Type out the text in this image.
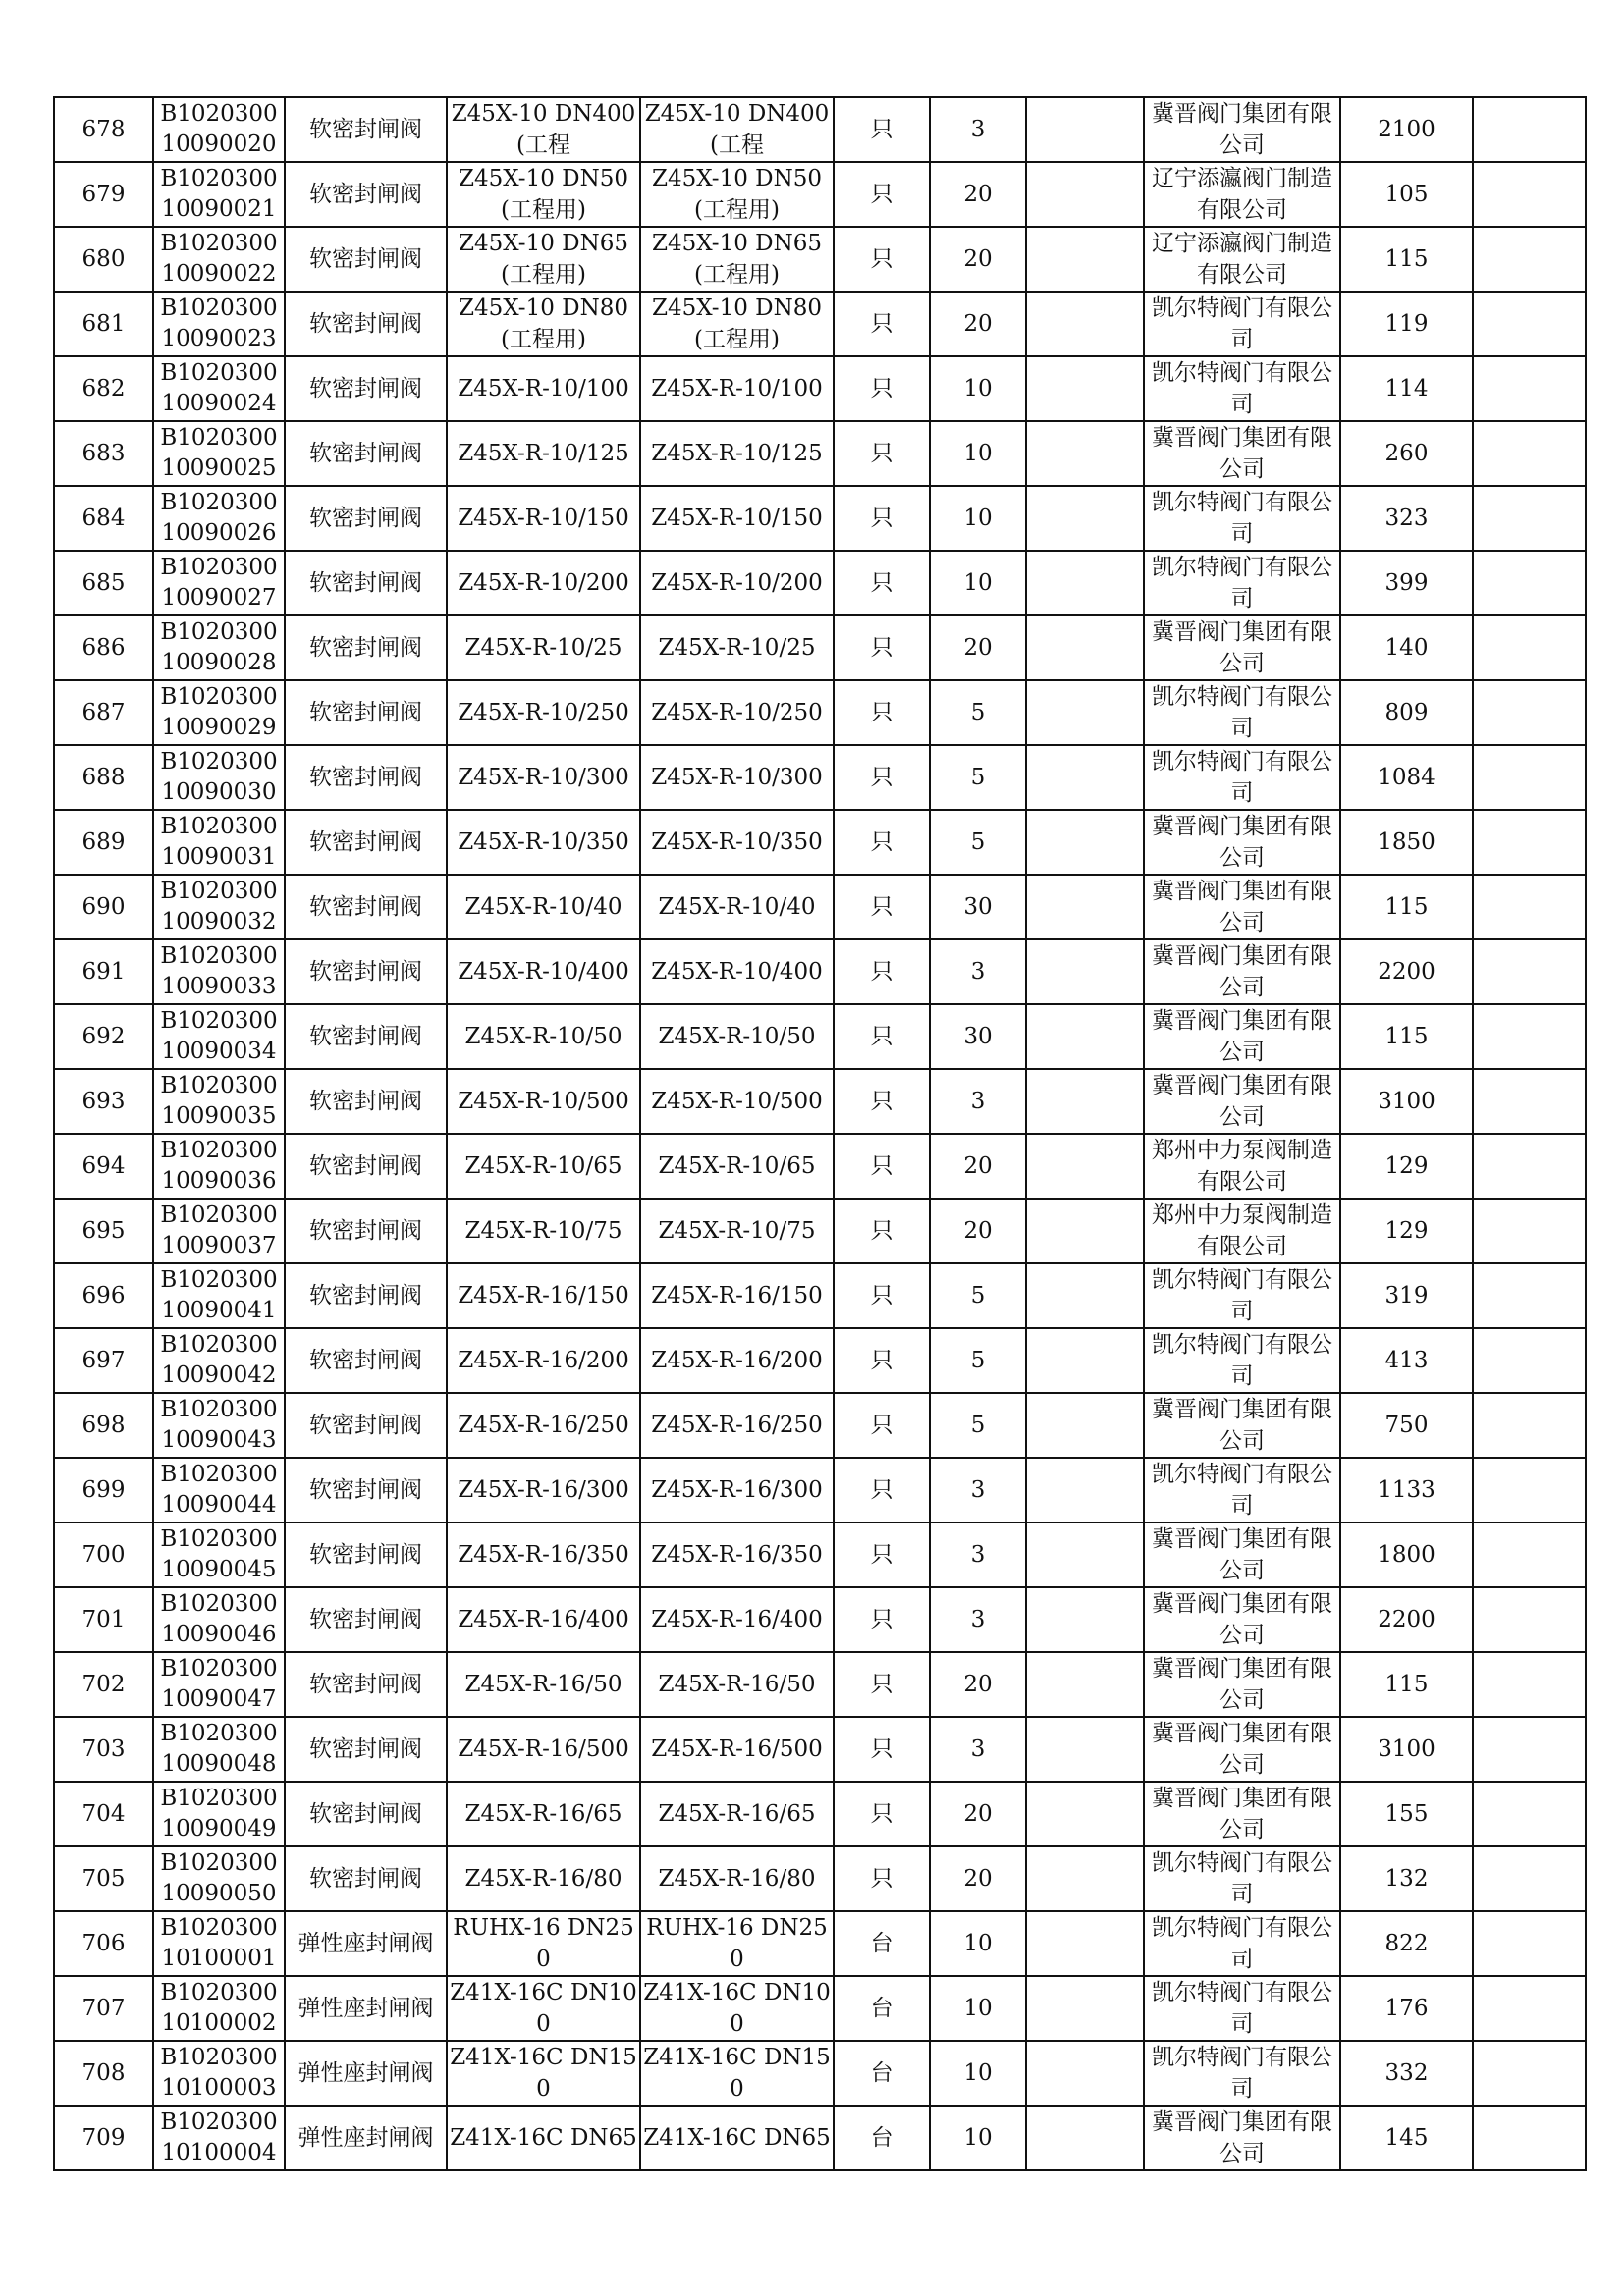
678	B1020300 10090020	软密封闸阀	Z45X-10 DN400(工程	Z45X-10 DN400(工程	只	3		冀晋阀门集团有限公司	2100	
679	B1020300 10090021	软密封闸阀	Z45X-10 DN50(工程用)	Z45X-10 DN50(工程用)	只	20		辽宁添瀛阀门制造有限公司	105	
680	B1020300 10090022	软密封闸阀	Z45X-10 DN65(工程用)	Z45X-10 DN65(工程用)	只	20		辽宁添瀛阀门制造有限公司	115	
681	B1020300 10090023	软密封闸阀	Z45X-10 DN80(工程用)	Z45X-10 DN80(工程用)	只	20		凯尔特阀门有限公司	119	
682	B1020300 10090024	软密封闸阀	Z45X-R-10/100	Z45X-R-10/100	只	10		凯尔特阀门有限公司	114	
683	B1020300 10090025	软密封闸阀	Z45X-R-10/125	Z45X-R-10/125	只	10		冀晋阀门集团有限公司	260	
684	B1020300 10090026	软密封闸阀	Z45X-R-10/150	Z45X-R-10/150	只	10		凯尔特阀门有限公司	323	
685	B1020300 10090027	软密封闸阀	Z45X-R-10/200	Z45X-R-10/200	只	10		凯尔特阀门有限公司	399	
686	B1020300 10090028	软密封闸阀	Z45X-R-10/25	Z45X-R-10/25	只	20		冀晋阀门集团有限公司	140	
687	B1020300 10090029	软密封闸阀	Z45X-R-10/250	Z45X-R-10/250	只	5		凯尔特阀门有限公司	809	
688	B1020300 10090030	软密封闸阀	Z45X-R-10/300	Z45X-R-10/300	只	5		凯尔特阀门有限公司	1084	
689	B1020300 10090031	软密封闸阀	Z45X-R-10/350	Z45X-R-10/350	只	5		冀晋阀门集团有限公司	1850	
690	B1020300 10090032	软密封闸阀	Z45X-R-10/40	Z45X-R-10/40	只	30		冀晋阀门集团有限公司	115	
691	B1020300 10090033	软密封闸阀	Z45X-R-10/400	Z45X-R-10/400	只	3		冀晋阀门集团有限公司	2200	
692	B1020300 10090034	软密封闸阀	Z45X-R-10/50	Z45X-R-10/50	只	30		冀晋阀门集团有限公司	115	
693	B1020300 10090035	软密封闸阀	Z45X-R-10/500	Z45X-R-10/500	只	3		冀晋阀门集团有限公司	3100	
694	B1020300 10090036	软密封闸阀	Z45X-R-10/65	Z45X-R-10/65	只	20		郑州中力泵阀制造有限公司	129	
695	B1020300 10090037	软密封闸阀	Z45X-R-10/75	Z45X-R-10/75	只	20		郑州中力泵阀制造有限公司	129	
696	B1020300 10090041	软密封闸阀	Z45X-R-16/150	Z45X-R-16/150	只	5		凯尔特阀门有限公司	319	
697	B1020300 10090042	软密封闸阀	Z45X-R-16/200	Z45X-R-16/200	只	5		凯尔特阀门有限公司	413	
698	B1020300 10090043	软密封闸阀	Z45X-R-16/250	Z45X-R-16/250	只	5		冀晋阀门集团有限公司	750	
699	B1020300 10090044	软密封闸阀	Z45X-R-16/300	Z45X-R-16/300	只	3		凯尔特阀门有限公司	1133	
700	B1020300 10090045	软密封闸阀	Z45X-R-16/350	Z45X-R-16/350	只	3		冀晋阀门集团有限公司	1800	
701	B1020300 10090046	软密封闸阀	Z45X-R-16/400	Z45X-R-16/400	只	3		冀晋阀门集团有限公司	2200	
702	B1020300 10090047	软密封闸阀	Z45X-R-16/50	Z45X-R-16/50	只	20		冀晋阀门集团有限公司	115	
703	B1020300 10090048	软密封闸阀	Z45X-R-16/500	Z45X-R-16/500	只	3		冀晋阀门集团有限公司	3100	
704	B1020300 10090049	软密封闸阀	Z45X-R-16/65	Z45X-R-16/65	只	20		冀晋阀门集团有限公司	155	
705	B1020300 10090050	软密封闸阀	Z45X-R-16/80	Z45X-R-16/80	只	20		凯尔特阀门有限公司	132	
706	B1020300 10100001	弹性座封闸阀	RUHX-16 DN250	RUHX-16 DN250	台	10		凯尔特阀门有限公司	822	
707	B1020300 10100002	弹性座封闸阀	Z41X-16C DN100	Z41X-16C DN100	台	10		凯尔特阀门有限公司	176	
708	B1020300 10100003	弹性座封闸阀	Z41X-16C DN150	Z41X-16C DN150	台	10		凯尔特阀门有限公司	332	
709	B1020300 10100004	弹性座封闸阀	Z41X-16C DN65	Z41X-16C DN65	台	10		冀晋阀门集团有限公司	145	
